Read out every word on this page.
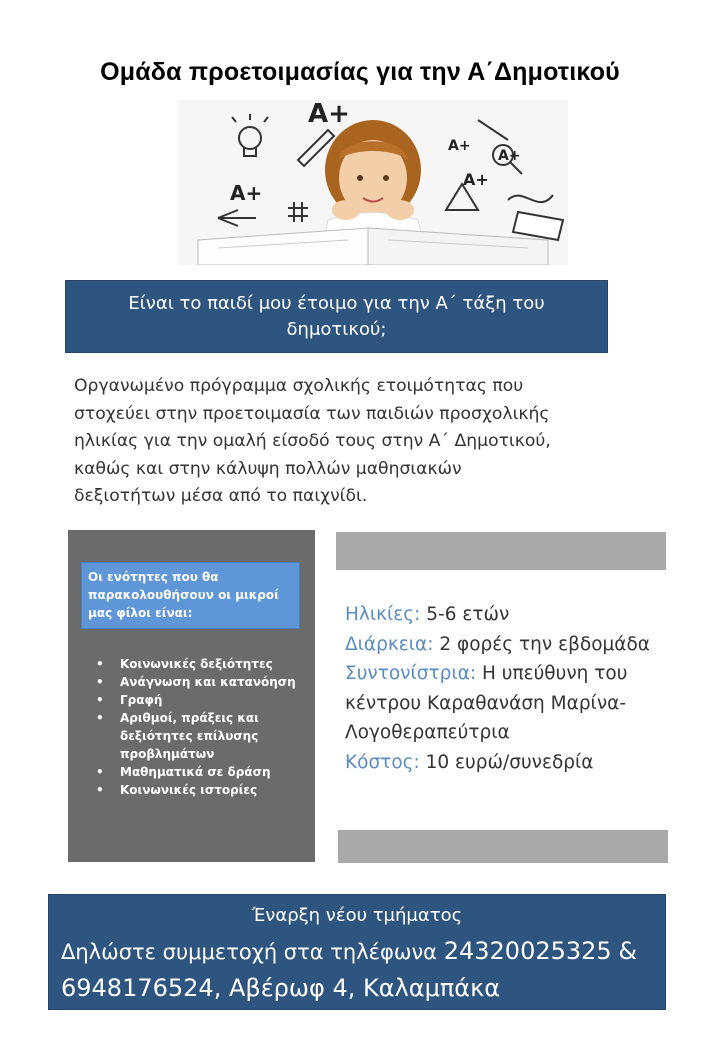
Ομάδα προετοιμασίας για την Α΄Δημοτικού
A+
A+
A+
A+
A+
Είναι το παιδί μου έτοιμο για την Α΄ τάξη του
δημοτικού;
Οργανωμένο πρόγραμμα σχολικής ετοιμότητας που
στοχεύει στην προετοιμασία των παιδιών προσχολικής
ηλικίας για την ομαλή είσοδό τους στην Α΄ Δημοτικού,
καθώς και στην κάλυψη πολλών μαθησιακών
δεξιοτήτων μέσα από το παιχνίδι.
Οι ενότητες που θα παρακολουθήσουν οι μικροί μας φίλοι είναι:
• Κοινωνικές δεξιότητες
• Ανάγνωση και κατανόηση
• Γραφή
• Αριθμοί, πράξεις και δεξιότητες επίλυσης προβλημάτων
• Μαθηματικά σε δράση
• Κοινωνικές ιστορίες
Ηλικίες: 5-6 ετών
Διάρκεια: 2 φορές την εβδομάδα
Συντονίστρια: Η υπεύθυνη του κέντρου Καραθανάση Μαρίνα-Λογοθεραπεύτρια
Κόστος: 10 ευρώ/συνεδρία
Έναρξη νέου τμήματος
Δηλώστε συμμετοχή στα τηλέφωνα 24320025325 &
6948176524, Αβέρωφ 4, Καλαμπάκα
